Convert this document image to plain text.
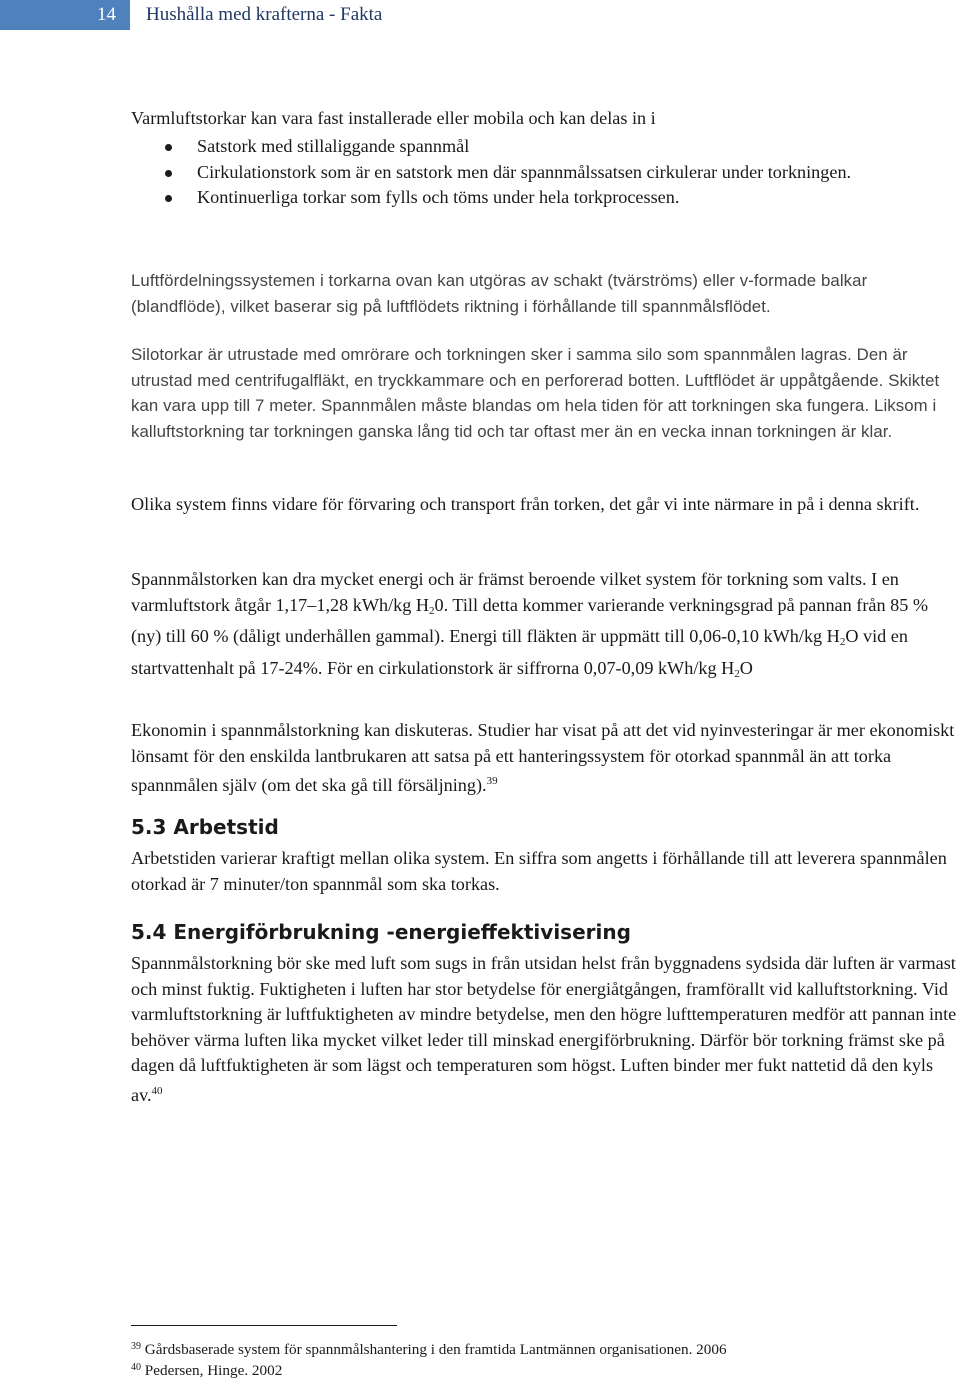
14	Hushålla med krafterna - Fakta

Varmluftstorkar kan vara fast installerade eller mobila och kan delas in i

Satstork med stillaliggande spannmål
Cirkulationstork som är en satstork men där spannmålssatsen cirkulerar under torkningen.
Kontinuerliga torkar som fylls och töms under hela torkprocessen.

Luftfördelningssystemen i torkarna ovan kan utgöras av schakt (tvärströms) eller v-formade balkar (blandflöde), vilket baserar sig på luftflödets riktning i förhållande till spannmålsflödet.

Silotorkar är utrustade med omrörare och torkningen sker i samma silo som spannmålen lagras. Den är utrustad med centrifugalfläkt, en tryckkammare och en perforerad botten. Luftflödet är uppåtgående. Skiktet kan vara upp till 7 meter. Spannmålen måste blandas om hela tiden för att torkningen ska fungera. Liksom i kalluftstorkning tar torkningen ganska lång tid och tar oftast mer än en vecka innan torkningen är klar.

Olika system finns vidare för förvaring och transport från torken, det går vi inte närmare in på i denna skrift.

Spannmålstorken kan dra mycket energi och är främst beroende vilket system för torkning som valts. I en varmluftstork åtgår 1,17–1,28 kWh/kg $H_20$. Till detta kommer varierande verkningsgrad på pannan från 85 % (ny) till 60 % (dåligt underhållen gammal). Energi till fläkten är uppmätt till 0,06-0,10 kWh/kg $H_2O$ vid en startvattenhalt på 17-24%. För en cirkulationstork är siffrorna 0,07-0,09 kWh/kg $H_2O$

Ekonomin i spannmålstorkning kan diskuteras. Studier har visat på att det vid nyinvesteringar är mer ekonomiskt lönsamt för den enskilda lantbrukaren att satsa på ett hanteringssystem för otorkad spannmål än att torka spannmålen själv (om det ska gå till försäljning).$^{39}$

5.3 Arbetstid

Arbetstiden varierar kraftigt mellan olika system. En siffra som angetts i förhållande till att leverera spannmålen otorkad är 7 minuter/ton spannmål som ska torkas.

5.4 Energiförbrukning -energieffektivisering

Spannmålstorkning bör ske med luft som sugs in från utsidan helst från byggnadens sydsida där luften är varmast och minst fuktig. Fuktigheten i luften har stor betydelse för energiåtgången, framförallt vid kalluftstorkning. Vid varmluftstorkning är luftfuktigheten av mindre betydelse, men den högre lufttemperaturen medför att pannan inte behöver värma luften lika mycket vilket leder till minskad energiförbrukning. Därför bör torkning främst ske på dagen då luftfuktigheten är som lägst och temperaturen som högst. Luften binder mer fukt nattetid då den kyls av.$^{40}$

$^{39}$ Gårdsbaserade system för spannmålshantering i den framtida Lantmännen organisationen. 2006
$^{40}$ Pedersen, Hinge. 2002
